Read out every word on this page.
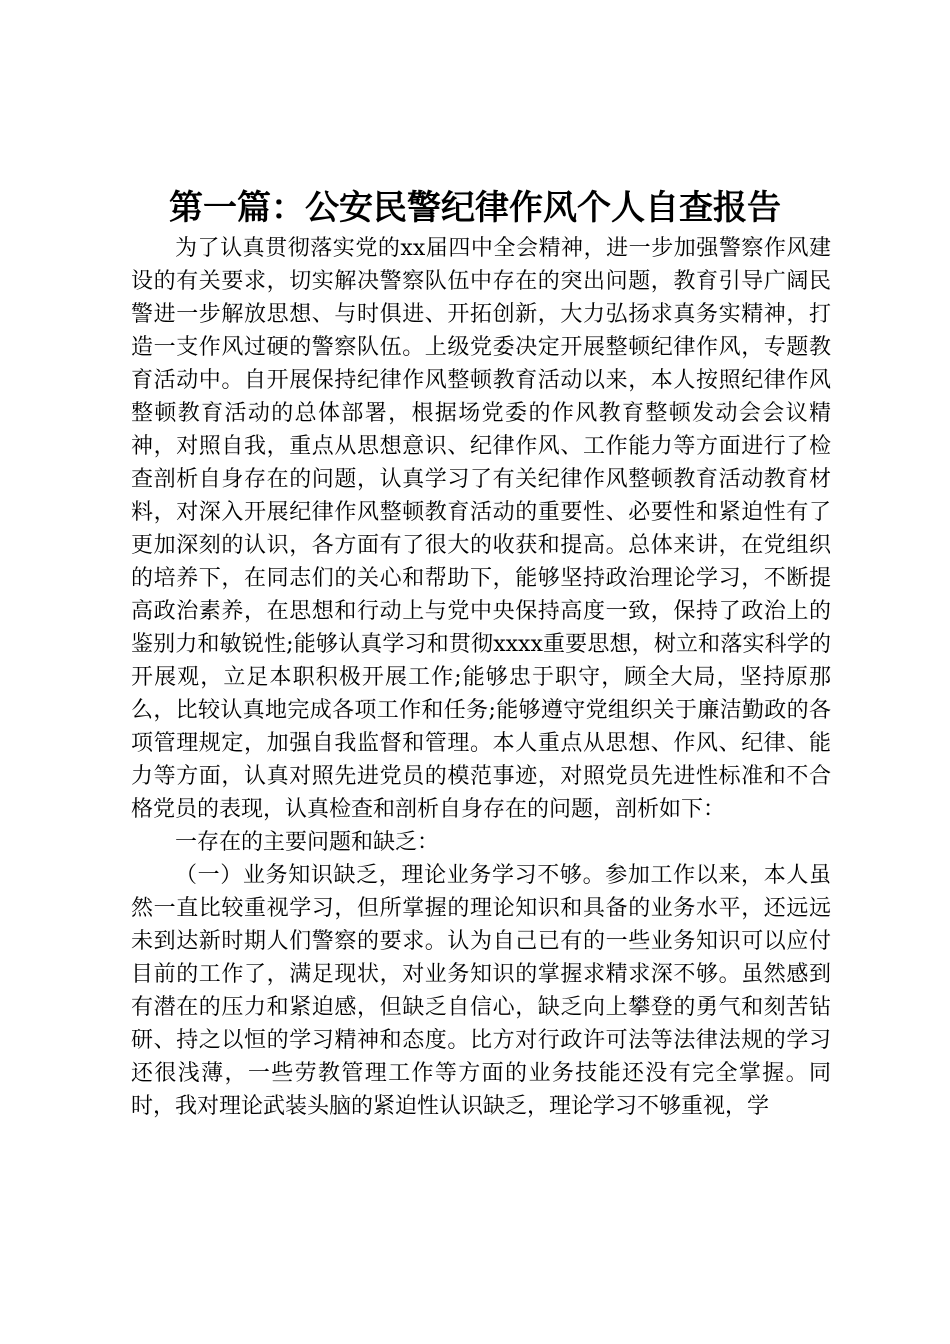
第一篇：公安民警纪律作风个人自查报告

为了认真贯彻落实党的xx届四中全会精神，进一步加强警察作风建设的有关要求，切实解决警察队伍中存在的突出问题，教育引导广阔民警进一步解放思想、与时俱进、开拓创新，大力弘扬求真务实精神，打造一支作风过硬的警察队伍。上级党委决定开展整顿纪律作风，专题教育活动中。自开展保持纪律作风整顿教育活动以来，本人按照纪律作风整顿教育活动的总体部署，根据场党委的作风教育整顿发动会会议精神，对照自我，重点从思想意识、纪律作风、工作能力等方面进行了检查剖析自身存在的问题，认真学习了有关纪律作风整顿教育活动教育材料，对深入开展纪律作风整顿教育活动的重要性、必要性和紧迫性有了更加深刻的认识，各方面有了很大的收获和提高。总体来讲，在党组织的培养下，在同志们的关心和帮助下，能够坚持政治理论学习，不断提高政治素养，在思想和行动上与党中央保持高度一致，保持了政治上的鉴别力和敏锐性;能够认真学习和贯彻xxxx重要思想，树立和落实科学的开展观，立足本职积极开展工作;能够忠于职守，顾全大局，坚持原那么，比较认真地完成各项工作和任务;能够遵守党组织关于廉洁勤政的各项管理规定，加强自我监督和管理。本人重点从思想、作风、纪律、能力等方面，认真对照先进党员的模范事迹，对照党员先进性标准和不合格党员的表现，认真检查和剖析自身存在的问题，剖析如下：

一存在的主要问题和缺乏：

（一）业务知识缺乏，理论业务学习不够。参加工作以来，本人虽然一直比较重视学习，但所掌握的理论知识和具备的业务水平，还远远未到达新时期人们警察的要求。认为自己已有的一些业务知识可以应付目前的工作了，满足现状，对业务知识的掌握求精求深不够。虽然感到有潜在的压力和紧迫感，但缺乏自信心，缺乏向上攀登的勇气和刻苦钻研、持之以恒的学习精神和态度。比方对行政许可法等法律法规的学习还很浅薄，一些劳教管理工作等方面的业务技能还没有完全掌握。同时，我对理论武装头脑的紧迫性认识缺乏，理论学习不够重视，学
